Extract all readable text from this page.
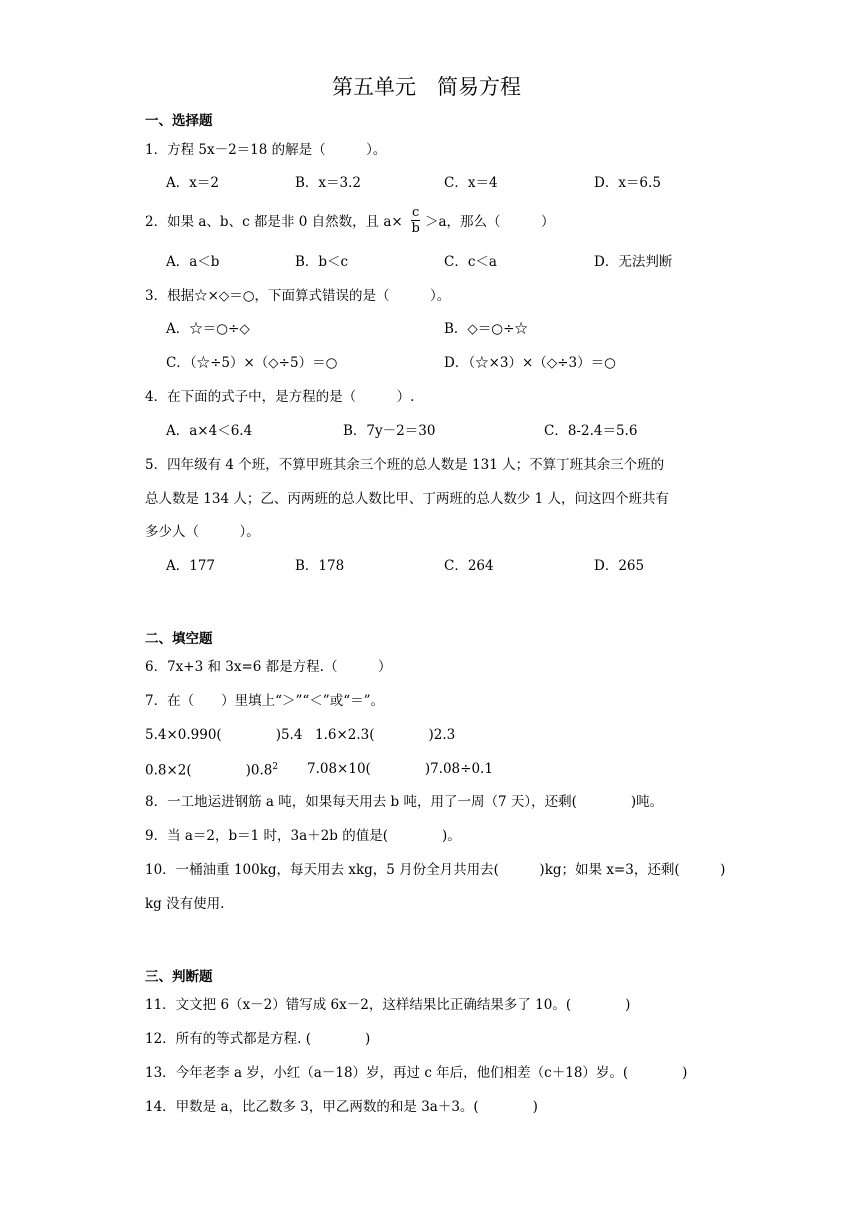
第五单元　简易方程
一、选择题
1．方程 5x－2＝18 的解是（　　　）。
A．x＝2	B．x＝3.2	C．x＝4	D．x＝6.5
2．如果 a、b、c 都是非 0 自然数，且 $a\times \frac{c}{b} >a$，那么（　　　）
A．a＜b	B．b＜c	C．c＜a	D．无法判断
3．根据☆×◇＝○，下面算式错误的是（　　　）。
A．☆＝○÷◇	B．◇＝○÷☆
C．（☆÷5）×（◇÷5）＝○	D．（☆×3）×（◇÷3）＝○
4．在下面的式子中，是方程的是（　　　）.
A．a×4＜6.4	B．7y－2＝30	C．8-2.4＝5.6
5．四年级有 4 个班，不算甲班其余三个班的总人数是 131 人；不算丁班其余三个班的
总人数是 134 人；乙、丙两班的总人数比甲、丁两班的总人数少 1 人，问这四个班共有
多少人（　　　）。
A．177	B．178	C．264	D．265
二、填空题
6．7x+3 和 3x=6 都是方程.（　　　）
7．在（　　）里填上“＞”“＜”或“＝”。
5.4×0.990(　　　　)5.4 1.6×2.3(　　　　)2.3
0.8×2(　　　　)$0.8^2$ 7.08×10(　　　　)7.08÷0.1
8．一工地运进钢筋 a 吨，如果每天用去 b 吨，用了一周（7 天），还剩(　　　　)吨。
9．当 a＝2，b＝1 时，3a＋2b 的值是(　　　　)。
10．一桶油重 100kg，每天用去 xkg，5 月份全月共用去(　　　)kg；如果 x=3，还剩(　　　)
kg 没有使用.
三、判断题
11．文文把 6（x－2）错写成 6x－2，这样结果比正确结果多了 10。(　　　　)
12．所有的等式都是方程. (　　　　)
13．今年老李 a 岁，小红（a－18）岁，再过 c 年后，他们相差（c＋18）岁。(　　　　)
14．甲数是 a，比乙数多 3，甲乙两数的和是 3a＋3。(　　　　)
